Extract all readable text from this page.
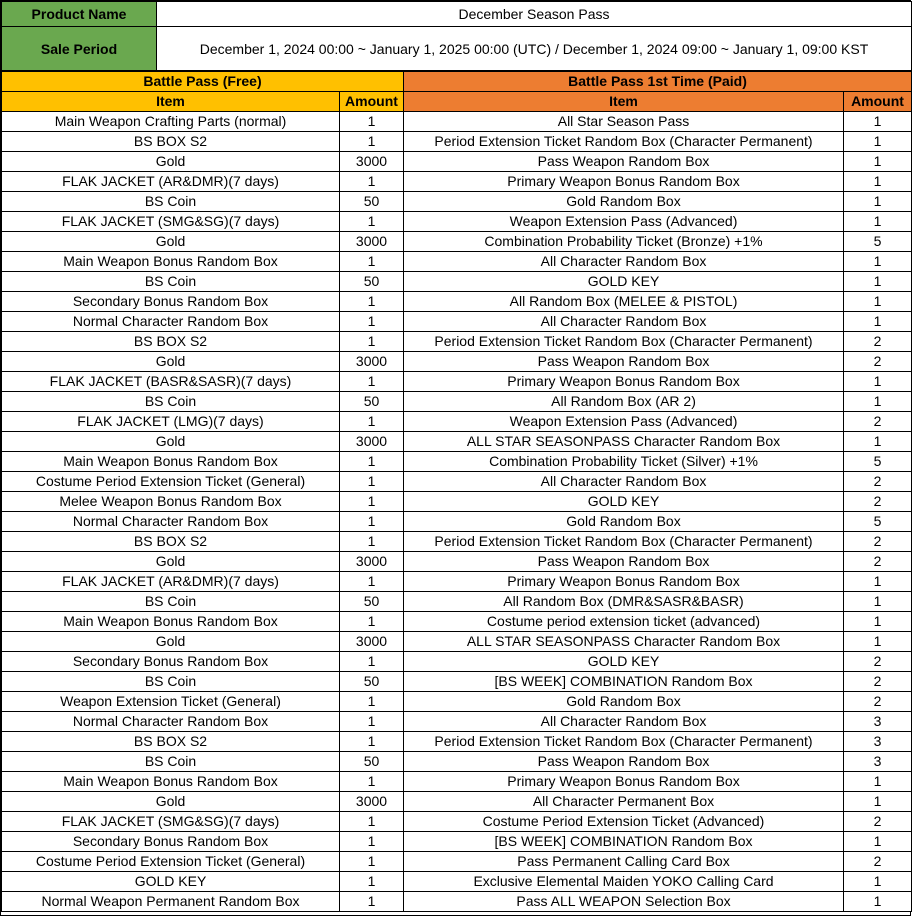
Product Name	December Season Pass
Sale Period	December 1, 2024 00:00 ~ January 1, 2025 00:00 (UTC) / December 1, 2024 09:00 ~ January 1, 09:00 KST
Battle Pass (Free)		Battle Pass 1st Time (Paid)	
Item	Amount	Item	Amount
Main Weapon Crafting Parts (normal)	1	All Star Season Pass	1
BS BOX S2	1	Period Extension Ticket Random Box (Character Permanent)	1
Gold	3000	Pass Weapon Random Box	1
FLAK JACKET (AR&DMR)(7 days)	1	Primary Weapon Bonus Random Box	1
BS Coin	50	Gold Random Box	1
FLAK JACKET (SMG&SG)(7 days)	1	Weapon Extension Pass (Advanced)	1
Gold	3000	Combination Probability Ticket (Bronze) +1%	5
Main Weapon Bonus Random Box	1	All Character Random Box	1
BS Coin	50	GOLD KEY	1
Secondary Bonus Random Box	1	All Random Box (MELEE & PISTOL)	1
Normal Character Random Box	1	All Character Random Box	1
BS BOX S2	1	Period Extension Ticket Random Box (Character Permanent)	2
Gold	3000	Pass Weapon Random Box	2
FLAK JACKET (BASR&SASR)(7 days)	1	Primary Weapon Bonus Random Box	1
BS Coin	50	All Random Box (AR 2)	1
FLAK JACKET (LMG)(7 days)	1	Weapon Extension Pass (Advanced)	2
Gold	3000	ALL STAR SEASONPASS Character Random Box	1
Main Weapon Bonus Random Box	1	Combination Probability Ticket (Silver) +1%	5
Costume Period Extension Ticket (General)	1	All Character Random Box	2
Melee Weapon Bonus Random Box	1	GOLD KEY	2
Normal Character Random Box	1	Gold Random Box	5
BS BOX S2	1	Period Extension Ticket Random Box (Character Permanent)	2
Gold	3000	Pass Weapon Random Box	2
FLAK JACKET (AR&DMR)(7 days)	1	Primary Weapon Bonus Random Box	1
BS Coin	50	All Random Box (DMR&SASR&BASR)	1
Main Weapon Bonus Random Box	1	Costume period extension ticket (advanced)	1
Gold	3000	ALL STAR SEASONPASS Character Random Box	1
Secondary Bonus Random Box	1	GOLD KEY	2
BS Coin	50	[BS WEEK] COMBINATION Random Box	2
Weapon Extension Ticket (General)	1	Gold Random Box	2
Normal Character Random Box	1	All Character Random Box	3
BS BOX S2	1	Period Extension Ticket Random Box (Character Permanent)	3
BS Coin	50	Pass Weapon Random Box	3
Main Weapon Bonus Random Box	1	Primary Weapon Bonus Random Box	1
Gold	3000	All Character Permanent Box	1
FLAK JACKET (SMG&SG)(7 days)	1	Costume Period Extension Ticket (Advanced)	2
Secondary Bonus Random Box	1	[BS WEEK] COMBINATION Random Box	1
Costume Period Extension Ticket (General)	1	Pass Permanent Calling Card Box	2
GOLD KEY	1	Exclusive Elemental Maiden YOKO Calling Card	1
Normal Weapon Permanent Random Box	1	Pass ALL WEAPON Selection Box	1
